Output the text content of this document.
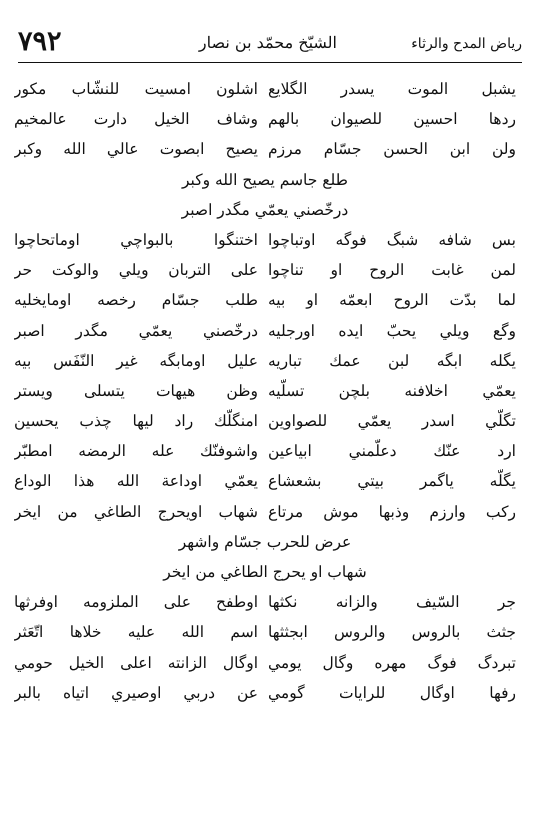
رياض المدح والرثاء
الشيّخ محمّد بن نصار
٧٩٢
يشبل الموت يسدر الگلايع
اشلون امسيت للنشّاب مكور
ردها احسين للصيوان بالهم
وشاف الخيل دارت عالمخيم
ولن ابن الحسن جسّام مرزم
يصيح ابصوت عالي الله وكبر
طلع جاسم يصيح الله وكبر
درخّصني يعمّي مگدر اصبر
بس شافه شبگ فوگه اوتباچوا
اختنگوا بالبواچي اوماتحاچوا
لمن غابت الروح او تناچوا
على التربان ويلي والوكت حر
لما بدّت الروح ابعمّه او بيه
طلب جسّام رخصه اومايخليه
وگع ويلي يحبّ ايده اورجليه
درخّصني يعمّي مگدر اصبر
يگله ابگه لبن عمك تباريه
عليل اومابگه غير النّفَس بيه
يعمّي اخلافنه بلچن تسلّيه
وظن هيهات يتسلى ويستر
تگلّي اسدر يعمّي للصواوين
امنگلّك راد ليها چذب يحسين
ارد عنّك دعلّمني ابياعين
واشوفنّك عله الرمضه امطبّر
يگلّه ياگمر بيتي بشعشاع
يعمّي اوداعة الله هذا الوداع
ركب وارزم وذبها موش مرتاع
شهاب اويحرج الطاغي من ايخر
عرض للحرب جسّام واشهر
شهاب او يحرج الطاغي من ايخر
جر السّيف والزانه نكثها
اوطفح على الملزومه اوفرثها
جثث بالروس والروس ابجثثها
اسم الله عليه خلاها اتّعَثر
تبردگ فوگ مهره وگال يومي
اوگال الزانته اعلى الخيل حومي
رفها اوگال للرايات گومي
عن دربي اوصيري اتياه بالبر
